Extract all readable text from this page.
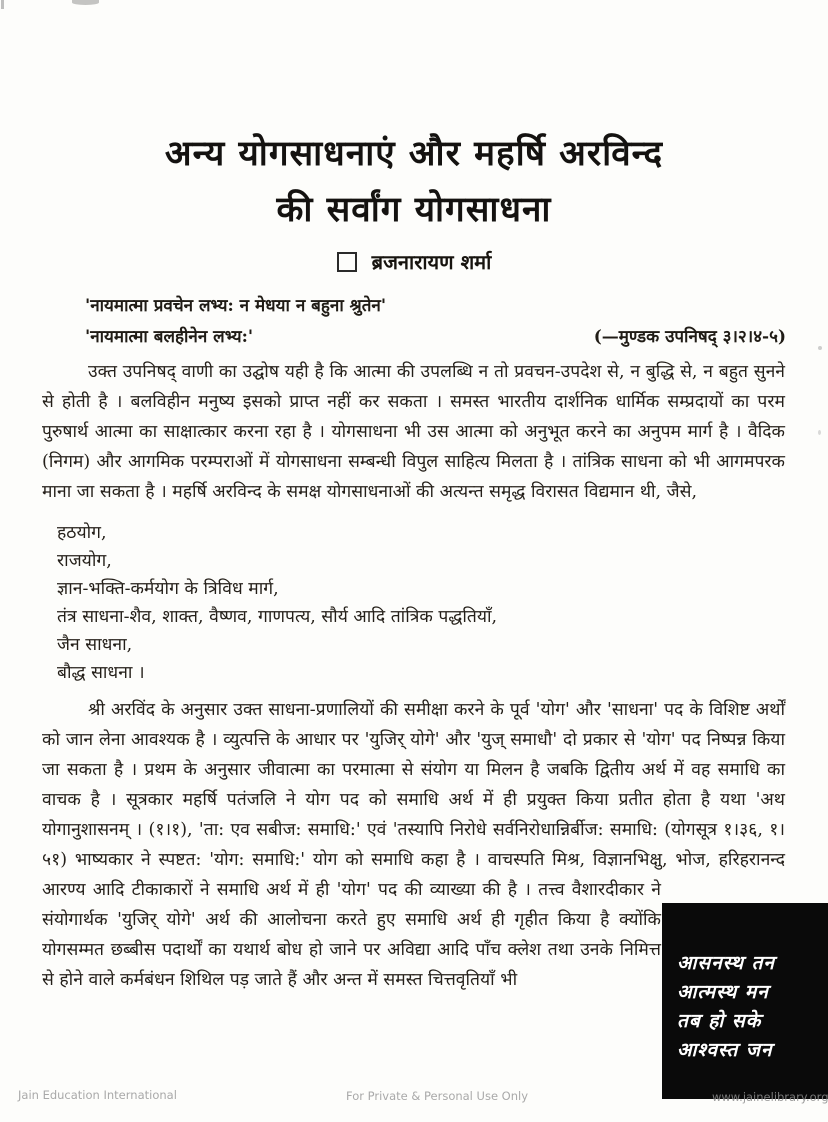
अन्य योगसाधनाएं और महर्षि अरविन्द
की सर्वांग योगसाधना
ब्रजनारायण शर्मा
'नायमात्मा प्रवचेन लभ्य: न मेधया न बहुना श्रुतेन'
'नायमात्मा बलहीनेन लभ्य:'	(—मुण्डक उपनिषद् ३।२।४-५)

उक्त उपनिषद् वाणी का उद्घोष यही है कि आत्मा की उपलब्धि न तो प्रवचन-उपदेश से, न बुद्धि से, न बहुत सुनने से होती है । बलविहीन मनुष्य इसको प्राप्त नहीं कर सकता । समस्त भारतीय दार्शनिक धार्मिक सम्प्रदायों का परम पुरुषार्थ आत्मा का साक्षात्कार करना रहा है । योगसाधना भी उस आत्मा को अनुभूत करने का अनुपम मार्ग है । वैदिक (निगम) और आगमिक परम्पराओं में योगसाधना सम्बन्धी विपुल साहित्य मिलता है । तांत्रिक साधना को भी आगमपरक माना जा सकता है । महर्षि अरविन्द के समक्ष योगसाधनाओं की अत्यन्त समृद्ध विरासत विद्यमान थी, जैसे,

हठयोग,
राजयोग,
ज्ञान-भक्ति-कर्मयोग के त्रिविध मार्ग,
तंत्र साधना-शैव, शाक्त, वैष्णव, गाणपत्य, सौर्य आदि तांत्रिक पद्धतियाँ,
जैन साधना,
बौद्ध साधना ।

श्री अरविंद के अनुसार उक्त साधना-प्रणालियों की समीक्षा करने के पूर्व 'योग' और 'साधना' पद के विशिष्ट अर्थों को जान लेना आवश्यक है । व्युत्पत्ति के आधार पर 'युजिर् योगे' और 'युज् समाधौ' दो प्रकार से 'योग' पद निष्पन्न किया जा सकता है । प्रथम के अनुसार जीवात्मा का परमात्मा से संयोग या मिलन है जबकि द्वितीय अर्थ में वह समाधि का वाचक है । सूत्रकार महर्षि पतंजलि ने योग पद को समाधि अर्थ में ही प्रयुक्त किया प्रतीत होता है यथा 'अथ योगानुशासनम् । (१।१), 'ता: एव सबीज: समाधि:' एवं 'तस्यापि निरोधे सर्वनिरोधान्निर्बीज: समाधि: (योगसूत्र १।३६, १।५१) भाष्यकार ने स्पष्टत: 'योग: समाधि:' योग को समाधि कहा है । वाचस्पति मिश्र, विज्ञानभिक्षु, भोज, हरिहरानन्द आरण्य आदि टीकाकारों ने समाधि अर्थ में ही 'योग' पद की व्याख्या की है । तत्त्व वैशारदीकार ने संयोगार्थक 'युजिर् योगे' अर्थ की आलोचना करते हुए समाधि अर्थ ही गृहीत किया है क्योंकि योगसम्मत छब्बीस पदार्थों का यथार्थ बोध हो जाने पर अविद्या आदि पाँच क्लेश तथा उनके निमित्त से होने वाले कर्मबंधन शिथिल पड़ जाते हैं और अन्त में समस्त चित्तवृतियाँ भी

आसनस्थ तन
आत्मस्थ मन
तब हो सके
आश्वस्त जन
Jain Education International	For Private & Personal Use Only	www.jainelibrary.org
